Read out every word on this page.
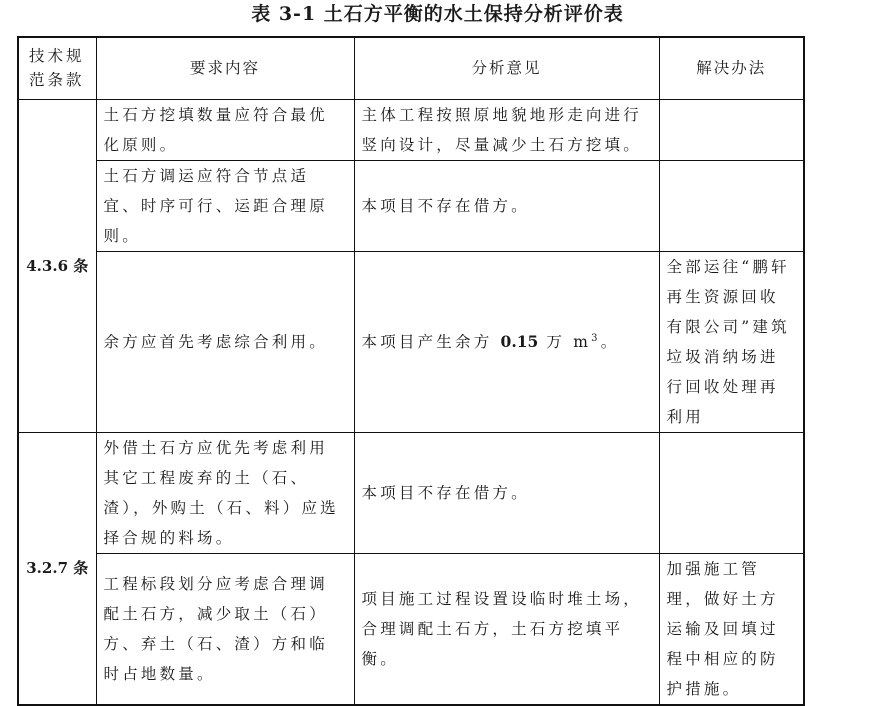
表 3-1 土石方平衡的水土保持分析评价表
技术规范条款	要求内容	分析意见	解决办法
4.3.6 条	土石方挖填数量应符合最优化原则。	主体工程按照原地貌地形走向进行竖向设计，尽量减少土石方挖填。	
	土石方调运应符合节点适宜、时序可行、运距合理原则。	本项目不存在借方。	
	余方应首先考虑综合利用。	本项目产生余方 0.15 万 $m^3$。	全部运往“鹏轩再生资源回收有限公司”建筑垃圾消纳场进行回收处理再利用
3.2.7 条	外借土石方应优先考虑利用其它工程废弃的土（石、渣），外购土（石、料）应选择合规的料场。	本项目不存在借方。	
	工程标段划分应考虑合理调配土石方，减少取土（石）方、弃土（石、渣）方和临时占地数量。	项目施工过程设置设临时堆土场，合理调配土石方，土石方挖填平衡。	加强施工管理，做好土方运输及回填过程中相应的防护措施。
